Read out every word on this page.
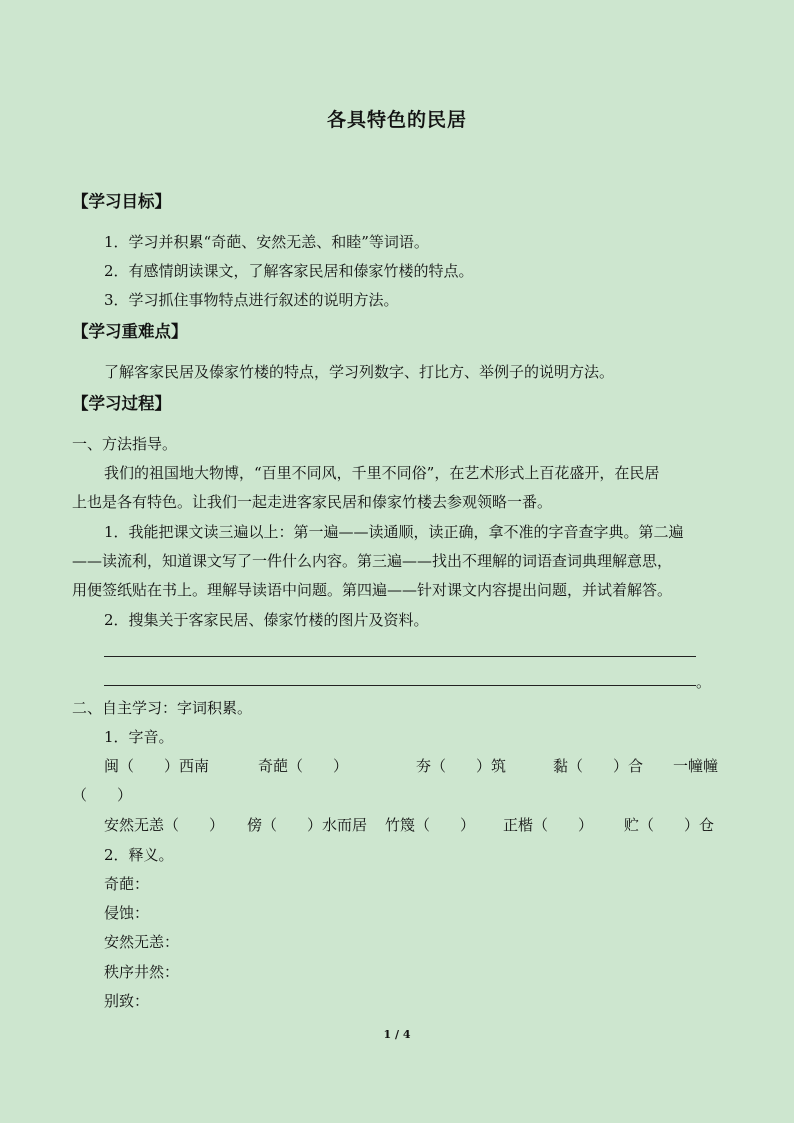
各具特色的民居
【学习目标】
1．学习并积累“奇葩、安然无恙、和睦”等词语。
2．有感情朗读课文，了解客家民居和傣家竹楼的特点。
3．学习抓住事物特点进行叙述的说明方法。
【学习重难点】
了解客家民居及傣家竹楼的特点，学习列数字、打比方、举例子的说明方法。
【学习过程】
一、方法指导。
我们的祖国地大物博，“百里不同风，千里不同俗”，在艺术形式上百花盛开，在民居
上也是各有特色。让我们一起走进客家民居和傣家竹楼去参观领略一番。
1．我能把课文读三遍以上：第一遍——读通顺，读正确，拿不准的字音查字典。第二遍
——读流利，知道课文写了一件什么内容。第三遍——找出不理解的词语查词典理解意思，
用便签纸贴在书上。理解导读语中问题。第四遍——针对课文内容提出问题，并试着解答。
2．搜集关于客家民居、傣家竹楼的图片及资料。
。
二、自主学习：字词积累。
1．字音。
闽（　　）西南	奇葩（　　）	夯（　　）筑	黏（　　）合 一幢幢
（　　）
安然无恙（　　） 傍（　　）水而居 竹篾（　　） 正楷（　　） 贮（　　）仓
2．释义。
奇葩：
侵蚀：
安然无恙：
秩序井然：
别致：
1 / 4
